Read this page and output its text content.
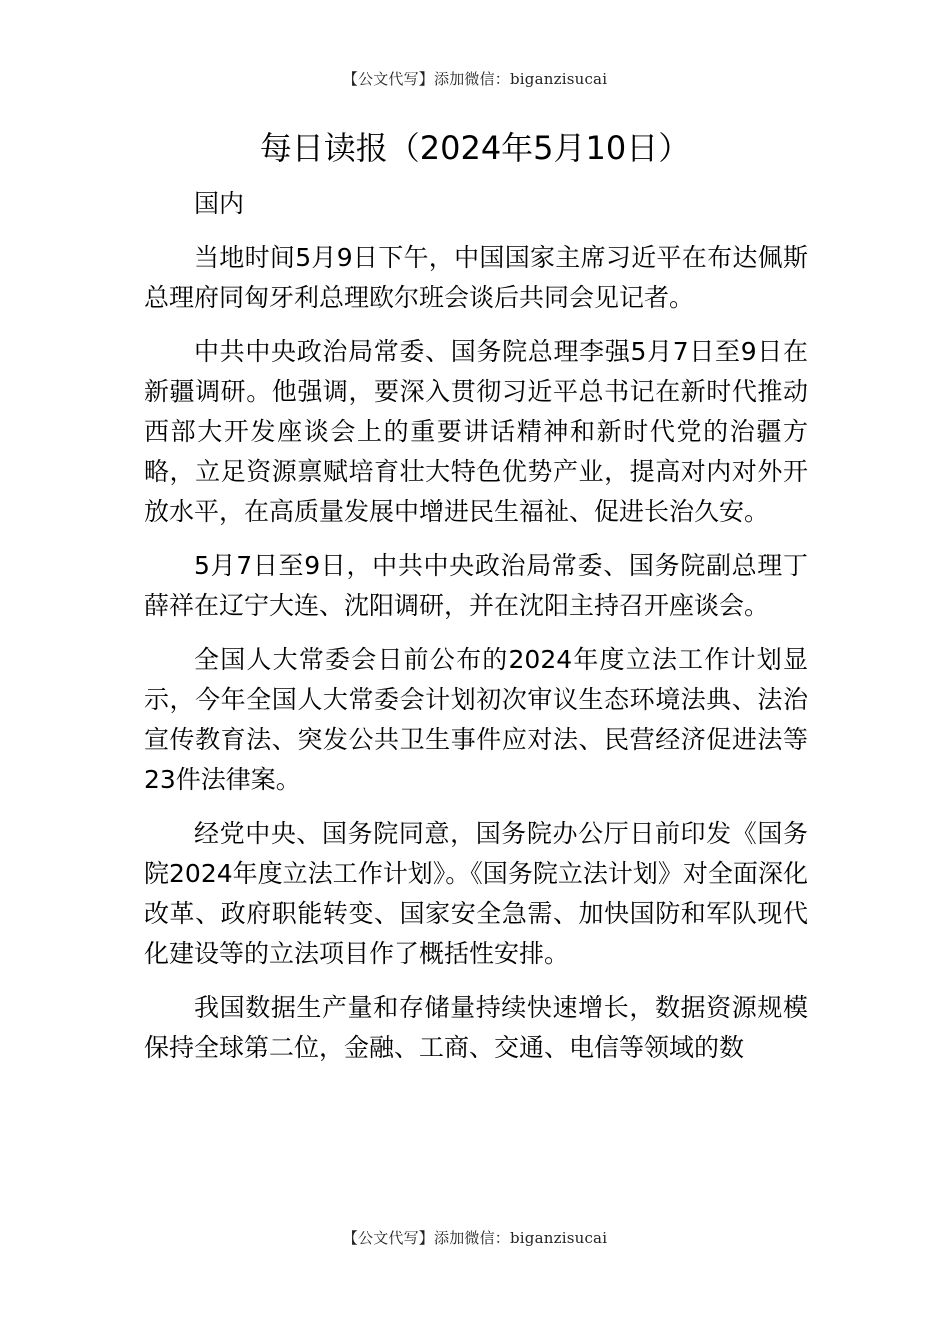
【公文代写】添加微信：biganzisucai
每日读报（2024年5月10日）

国内

当地时间5月9日下午，中国国家主席习近平在布达佩斯总理府同匈牙利总理欧尔班会谈后共同会见记者。

中共中央政治局常委、国务院总理李强5月7日至9日在新疆调研。他强调，要深入贯彻习近平总书记在新时代推动西部大开发座谈会上的重要讲话精神和新时代党的治疆方略，立足资源禀赋培育壮大特色优势产业，提高对内对外开放水平，在高质量发展中增进民生福祉、促进长治久安。

5月7日至9日，中共中央政治局常委、国务院副总理丁薛祥在辽宁大连、沈阳调研，并在沈阳主持召开座谈会。

全国人大常委会日前公布的2024年度立法工作计划显示，今年全国人大常委会计划初次审议生态环境法典、法治宣传教育法、突发公共卫生事件应对法、民营经济促进法等23件法律案。

经党中央、国务院同意，国务院办公厅日前印发《国务院2024年度立法工作计划》。《国务院立法计划》对全面深化改革、政府职能转变、国家安全急需、加快国防和军队现代化建设等的立法项目作了概括性安排。

我国数据生产量和存储量持续快速增长，数据资源规模保持全球第二位，金融、工商、交通、电信等领域的数

【公文代写】添加微信：biganzisucai
